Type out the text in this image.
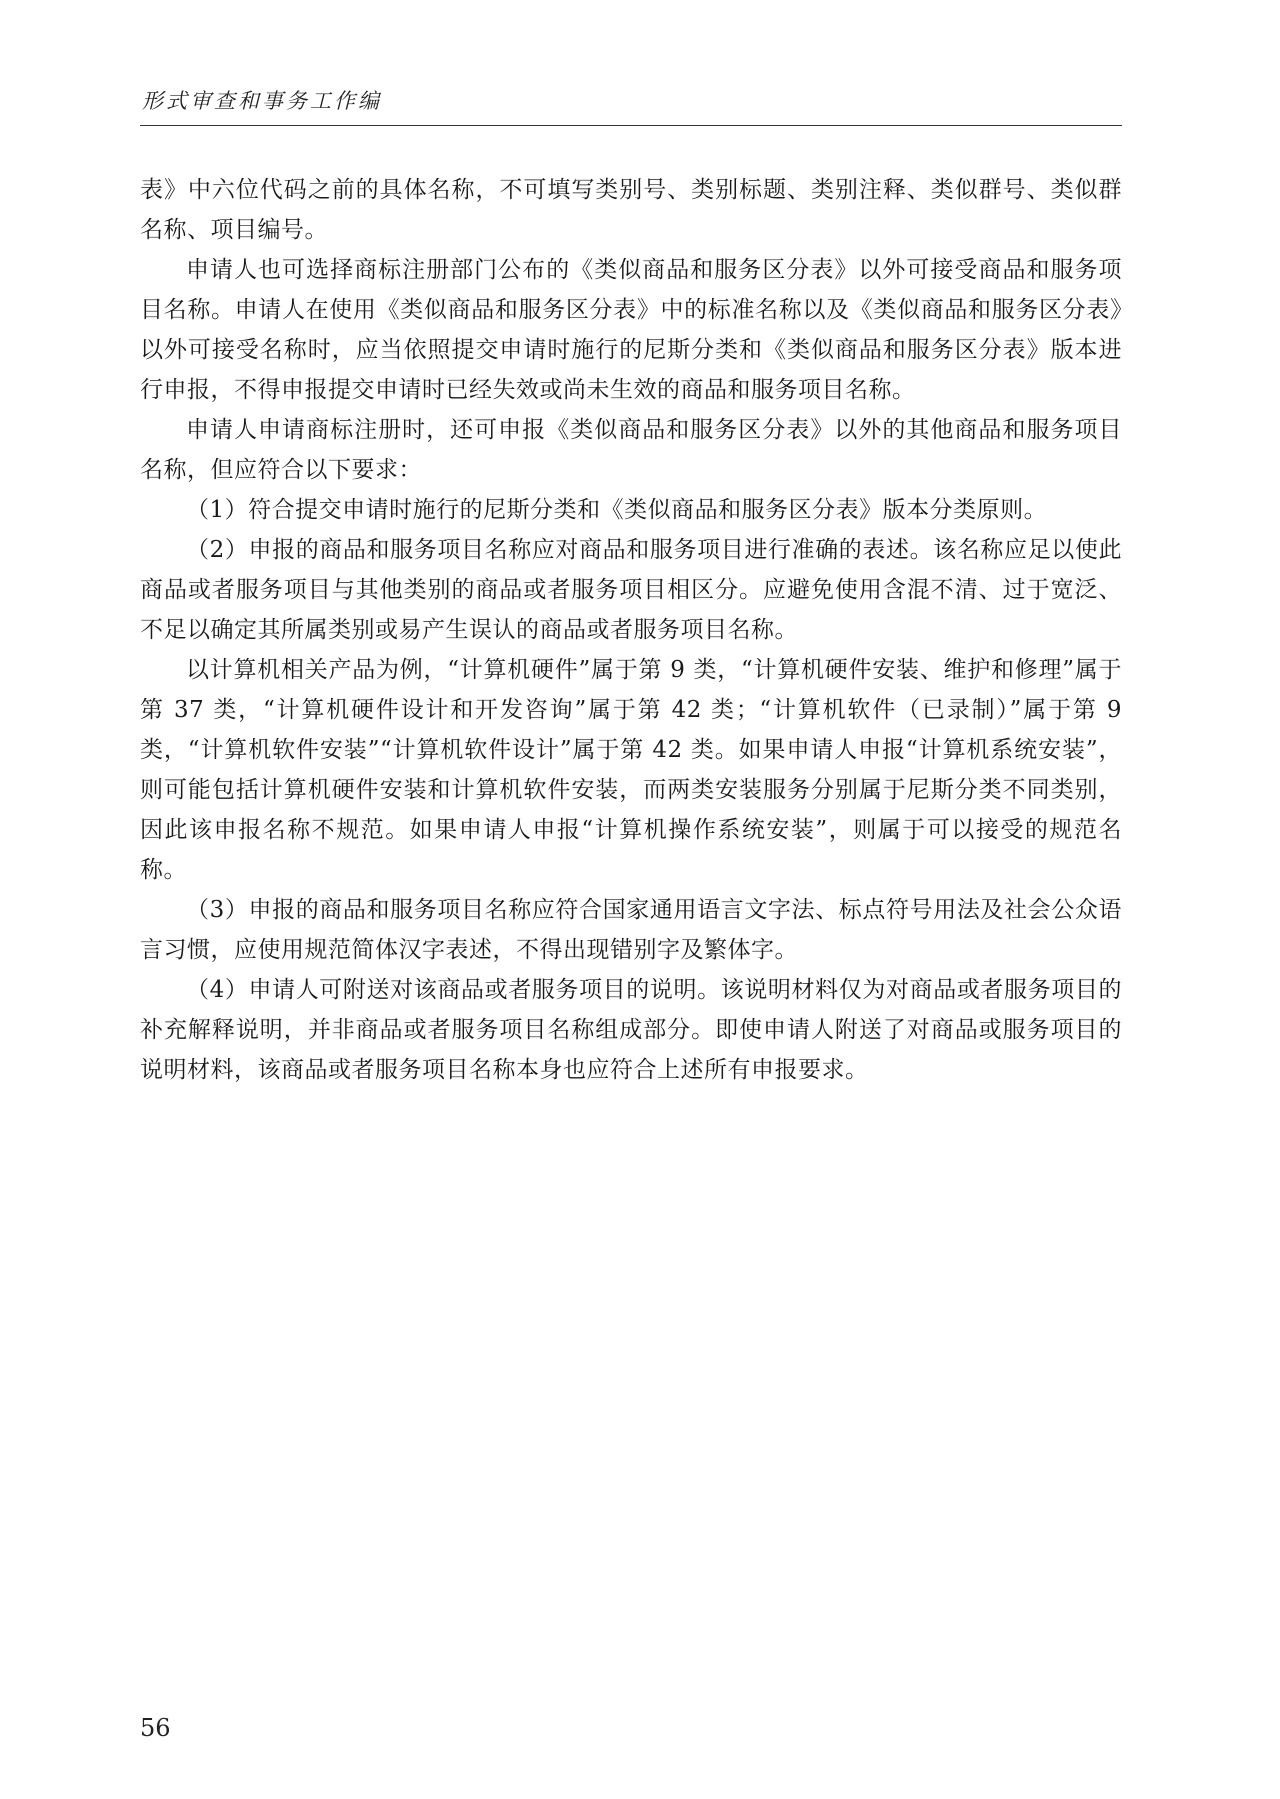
形式审查和事务工作编

表》中六位代码之前的具体名称，不可填写类别号、类别标题、类别注释、类似群号、类似群名称、项目编号。

申请人也可选择商标注册部门公布的《类似商品和服务区分表》以外可接受商品和服务项目名称。申请人在使用《类似商品和服务区分表》中的标准名称以及《类似商品和服务区分表》以外可接受名称时，应当依照提交申请时施行的尼斯分类和《类似商品和服务区分表》版本进行申报，不得申报提交申请时已经失效或尚未生效的商品和服务项目名称。

申请人申请商标注册时，还可申报《类似商品和服务区分表》以外的其他商品和服务项目名称，但应符合以下要求：

（1）符合提交申请时施行的尼斯分类和《类似商品和服务区分表》版本分类原则。

（2）申报的商品和服务项目名称应对商品和服务项目进行准确的表述。该名称应足以使此商品或者服务项目与其他类别的商品或者服务项目相区分。应避免使用含混不清、过于宽泛、不足以确定其所属类别或易产生误认的商品或者服务项目名称。

以计算机相关产品为例，“计算机硬件”属于第 9 类，“计算机硬件安装、维护和修理”属于第 37 类，“计算机硬件设计和开发咨询”属于第 42 类；“计算机软件（已录制）”属于第 9 类，“计算机软件安装”“计算机软件设计”属于第 42 类。如果申请人申报“计算机系统安装”，则可能包括计算机硬件安装和计算机软件安装，而两类安装服务分别属于尼斯分类不同类别，因此该申报名称不规范。如果申请人申报“计算机操作系统安装”，则属于可以接受的规范名称。

（3）申报的商品和服务项目名称应符合国家通用语言文字法、标点符号用法及社会公众语言习惯，应使用规范简体汉字表述，不得出现错别字及繁体字。

（4）申请人可附送对该商品或者服务项目的说明。该说明材料仅为对商品或者服务项目的补充解释说明，并非商品或者服务项目名称组成部分。即使申请人附送了对商品或服务项目的说明材料，该商品或者服务项目名称本身也应符合上述所有申报要求。

56
